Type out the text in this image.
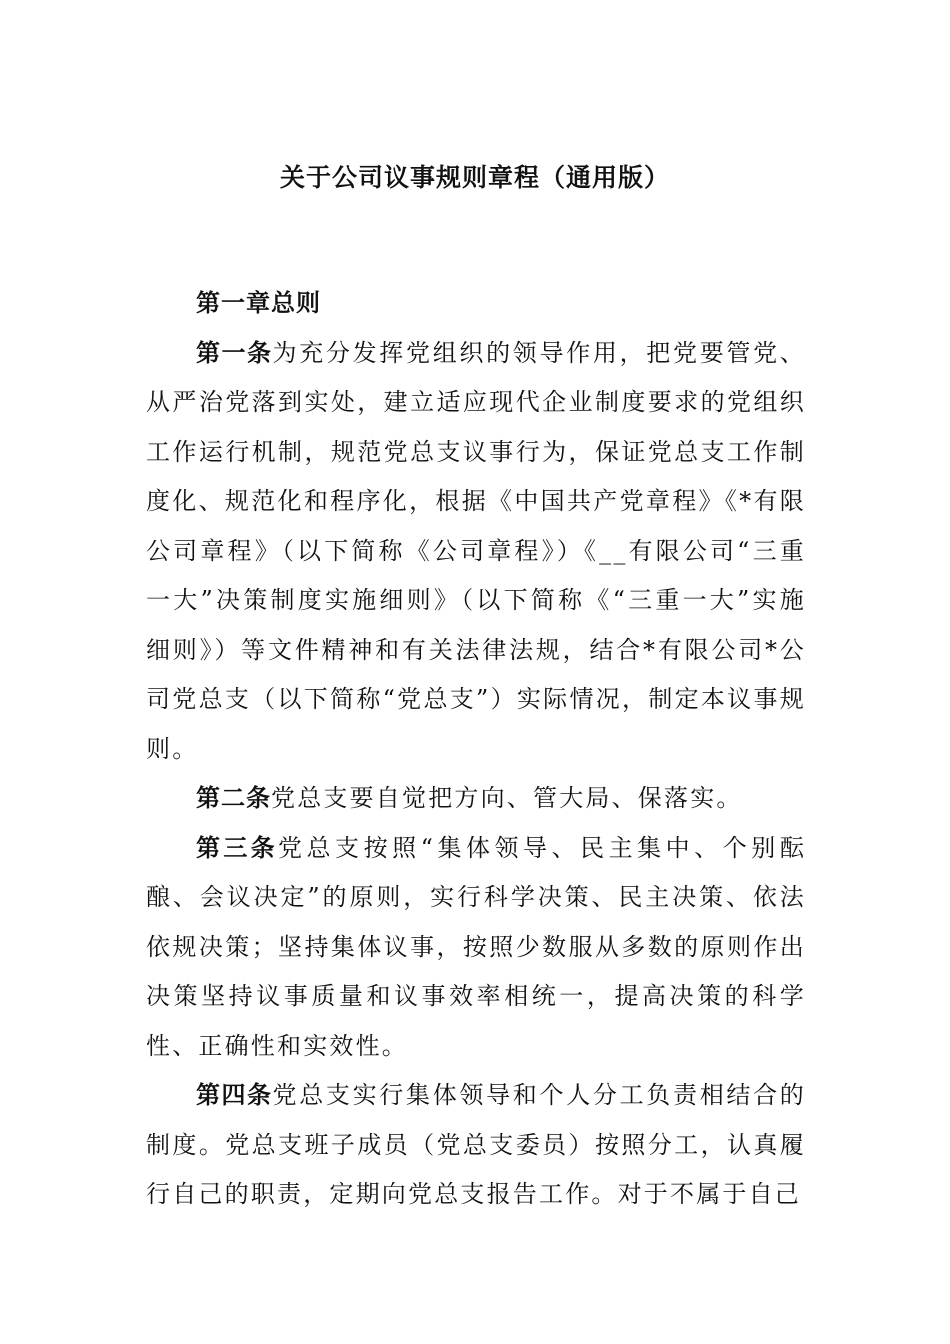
关于公司议事规则章程（通用版）

第一章总则

第一条为充分发挥党组织的领导作用，把党要管党、从严治党落到实处，建立适应现代企业制度要求的党组织工作运行机制，规范党总支议事行为，保证党总支工作制度化、规范化和程序化，根据《中国共产党章程》《*有限公司章程》（以下简称《公司章程》）《__有限公司“三重一大”决策制度实施细则》（以下简称《“三重一大”实施细则》）等文件精神和有关法律法规，结合*有限公司*公司党总支（以下简称“党总支”）实际情况，制定本议事规则。

第二条党总支要自觉把方向、管大局、保落实。

第三条党总支按照“集体领导、民主集中、个别酝酿、会议决定”的原则，实行科学决策、民主决策、依法依规决策；坚持集体议事，按照少数服从多数的原则作出决策坚持议事质量和议事效率相统一，提高决策的科学性、正确性和实效性。

第四条党总支实行集体领导和个人分工负责相结合的制度。党总支班子成员（党总支委员）按照分工，认真履行自己的职责，定期向党总支报告工作。对于不属于自己
